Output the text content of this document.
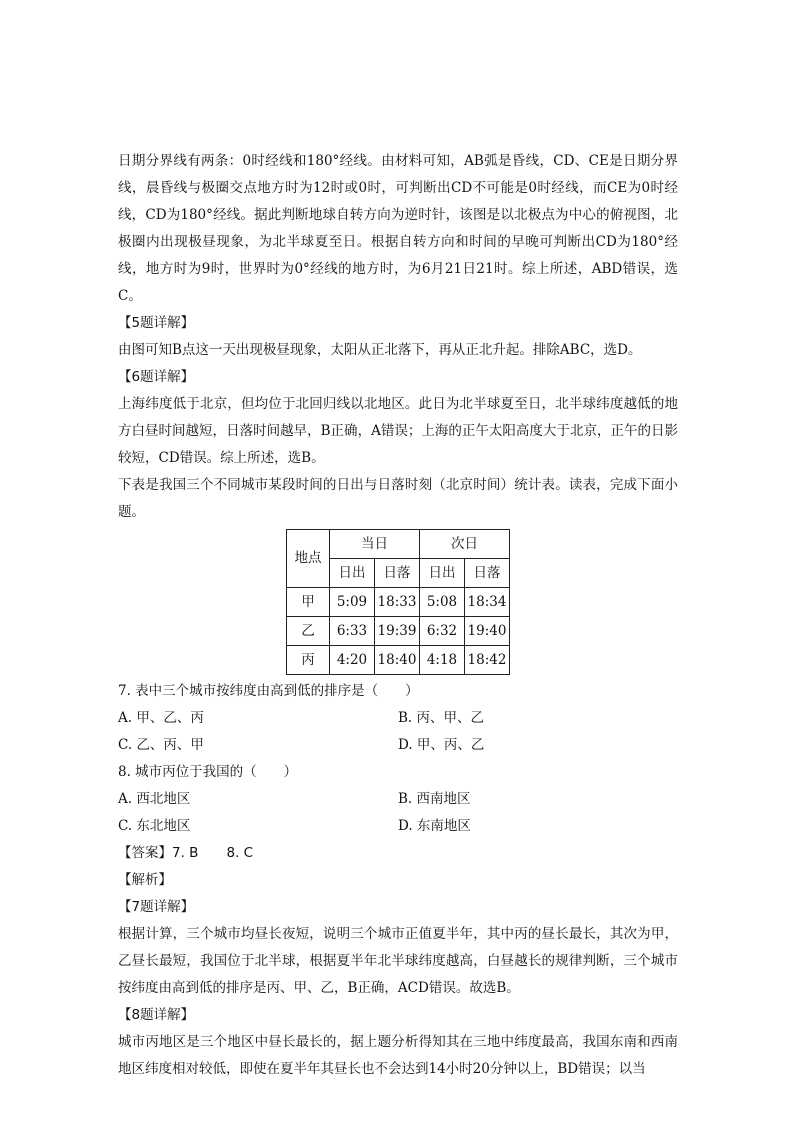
日期分界线有两条：0时经线和180°经线。由材料可知，AB弧是昏线，CD、CE是日期分界线，晨昏线与极圈交点地方时为12时或0时，可判断出CD不可能是0时经线，而CE为0时经线，CD为180°经线。据此判断地球自转方向为逆时针，该图是以北极点为中心的俯视图，北极圈内出现极昼现象，为北半球夏至日。根据自转方向和时间的早晚可判断出CD为180°经线，地方时为9时，世界时为0°经线的地方时，为6月21日21时。综上所述，ABD错误，选C。

【5题详解】

由图可知B点这一天出现极昼现象，太阳从正北落下，再从正北升起。排除ABC，选D。

【6题详解】

上海纬度低于北京，但均位于北回归线以北地区。此日为北半球夏至日，北半球纬度越低的地方白昼时间越短，日落时间越早，B正确，A错误；上海的正午太阳高度大于北京，正午的日影较短，CD错误。综上所述，选B。

下表是我国三个不同城市某段时间的日出与日落时刻（北京时间）统计表。读表，完成下面小题。

地点	当日		次日	
	日出	日落	日出	日落
甲	5:09	18:33	5:08	18:34
乙	6:33	19:39	6:32	19:40
丙	4:20	18:40	4:18	18:42

7. 表中三个城市按纬度由高到低的排序是（　　）

A. 甲、乙、丙	B. 丙、甲、乙
C. 乙、丙、甲	D. 甲、丙、乙

8. 城市丙位于我国的（　　）

A. 西北地区	B. 西南地区
C. 东北地区	D. 东南地区
【答案】7. B 8. C

【解析】

【7题详解】

根据计算，三个城市均昼长夜短，说明三个城市正值夏半年，其中丙的昼长最长，其次为甲，乙昼长最短，我国位于北半球，根据夏半年北半球纬度越高，白昼越长的规律判断，三个城市按纬度由高到低的排序是丙、甲、乙，B正确，ACD错误。故选B。

【8题详解】

城市丙地区是三个地区中昼长最长的，据上题分析得知其在三地中纬度最高，我国东南和西南地区纬度相对较低，即使在夏半年其昼长也不会达到14小时20分钟以上，BD错误；以当
